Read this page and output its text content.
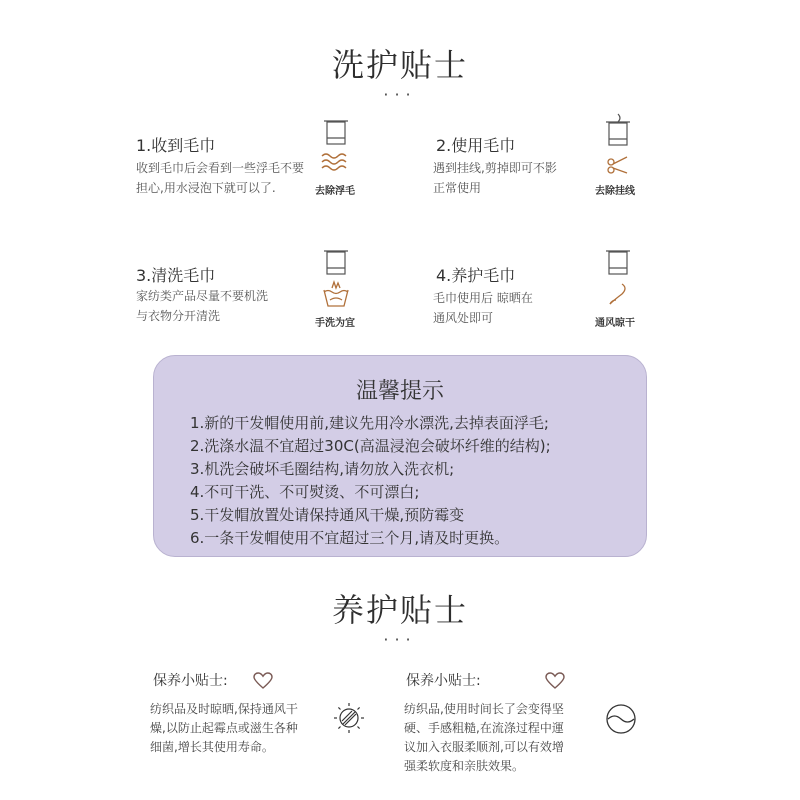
洗护贴士
···
1.收到毛巾
收到毛巾后会看到一些浮毛不要
担心,用水浸泡下就可以了.	去除浮毛
2.使用毛巾
遇到挂线,剪掉即可不影
正常使用	去除挂线
3.清洗毛巾
家纺类产品尽量不要机洗
与衣物分开清洗
手洗为宜
4.养护毛巾
毛巾使用后 晾晒在
通风处即可	通风晾干
温馨提示
1.新的干发帽使用前,建议先用冷水漂洗,去掉表面浮毛;
2.洗涤水温不宜超过30C(高温浸泡会破坏纤维的结构);
3.机洗会破坏毛圈结构,请勿放入洗衣机;
4.不可干洗、不可熨烫、不可漂白;
5.干发帽放置处请保持通风干燥,预防霉变
6.一条干发帽使用不宜超过三个月,请及时更换。
养护贴士
···
保养小贴士:
纺织品及时晾晒,保持通风干
燥,以防止起霉点或滋生各种
细菌,增长其使用寿命。
保养小贴士:
纺织品,使用时间长了会变得坚
硬、手感粗糙,在流涤过程中運
议加入衣服柔顺剂,可以有效增
强柔软度和亲肤效果。
